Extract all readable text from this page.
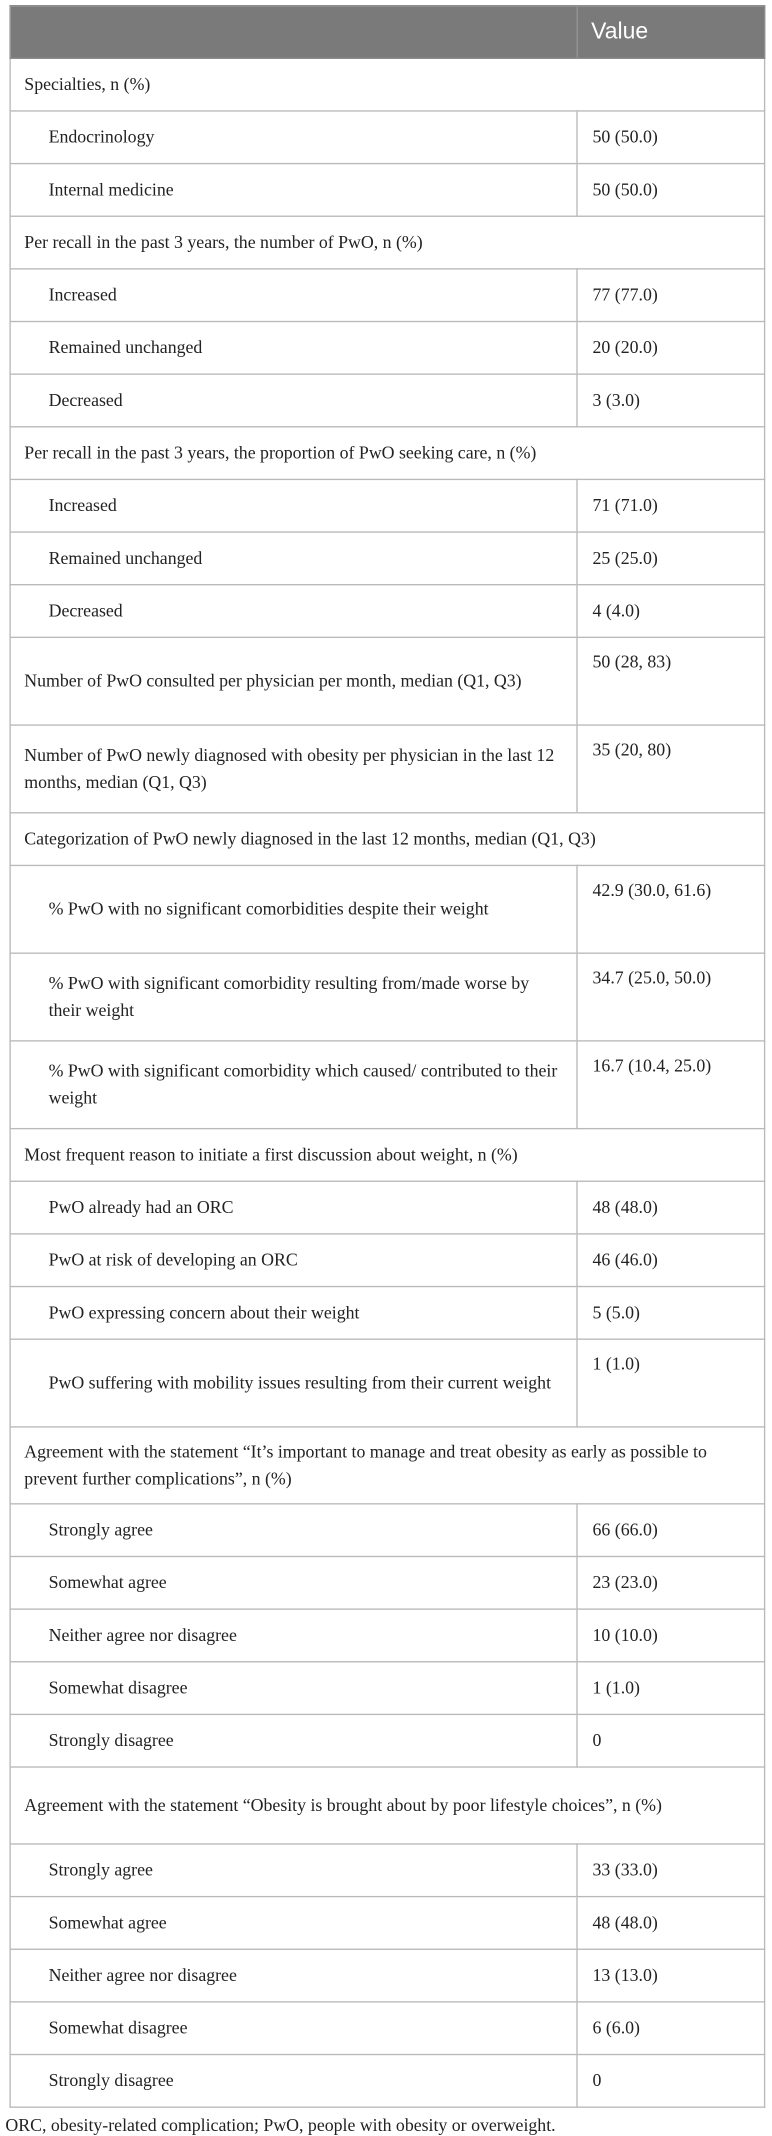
	Value
Specialties, n (%)	
Endocrinology	50 (50.0)
Internal medicine	50 (50.0)
Per recall in the past 3 years, the number of PwO, n (%)	
Increased	77 (77.0)
Remained unchanged	20 (20.0)
Decreased	3 (3.0)
Per recall in the past 3 years, the proportion of PwO seeking care, n (%)	
Increased	71 (71.0)
Remained unchanged	25 (25.0)
Decreased	4 (4.0)
Number of PwO consulted per physician per month, median (Q1, Q3)	50 (28, 83)
Number of PwO newly diagnosed with obesity per physician in the last 12 months, median (Q1, Q3)	35 (20, 80)
Categorization of PwO newly diagnosed in the last 12 months, median (Q1, Q3)	
% PwO with no significant comorbidities despite their weight	42.9 (30.0, 61.6)
% PwO with significant comorbidity resulting from/made worse by their weight	34.7 (25.0, 50.0)
% PwO with significant comorbidity which caused/ contributed to their weight	16.7 (10.4, 25.0)
Most frequent reason to initiate a first discussion about weight, n (%)	
PwO already had an ORC	48 (48.0)
PwO at risk of developing an ORC	46 (46.0)
PwO expressing concern about their weight	5 (5.0)
PwO suffering with mobility issues resulting from their current weight	1 (1.0)
Agreement with the statement “It’s important to manage and treat obesity as early as possible to prevent further complications”, n (%)	
Strongly agree	66 (66.0)
Somewhat agree	23 (23.0)
Neither agree nor disagree	10 (10.0)
Somewhat disagree	1 (1.0)
Strongly disagree	0
Agreement with the statement “Obesity is brought about by poor lifestyle choices”, n (%)	
Strongly agree	33 (33.0)
Somewhat agree	48 (48.0)
Neither agree nor disagree	13 (13.0)
Somewhat disagree	6 (6.0)
Strongly disagree	0
ORC, obesity-related complication; PwO, people with obesity or overweight.
